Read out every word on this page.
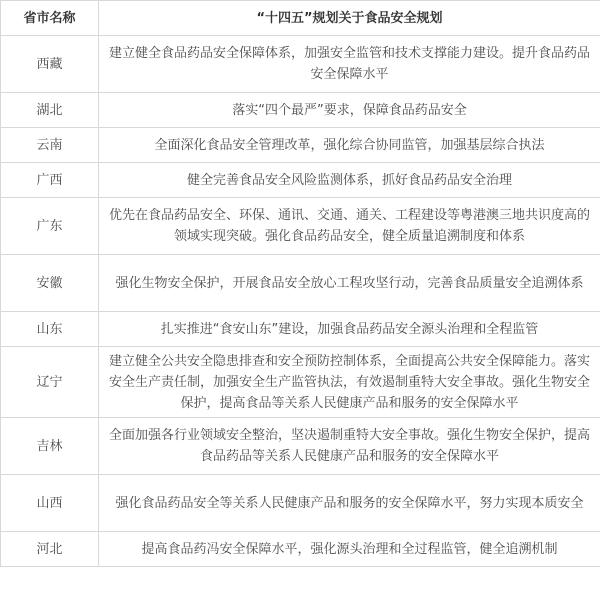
省市名称	“十四五”规划关于食品安全规划
西藏	建立健全食品药品安全保障体系，加强安全监管和技术支撑能力建设。提升食品药品安全保障水平
湖北	落实“四个最严”要求，保障食品药品安全
云南	全面深化食品安全管理改革，强化综合协同监管，加强基层综合执法
广西	健全完善食品安全风险监测体系，抓好食品药品安全治理
广东	优先在食品药品安全、环保、通讯、交通、通关、工程建设等粤港澳三地共识度高的领域实现突破。强化食品药品安全，健全质量追溯制度和体系
安徽	强化生物安全保护，开展食品安全放心工程攻坚行动，完善食品质量安全追溯体系
山东	扎实推进“食安山东”建设，加强食品药品安全源头治理和全程监管
辽宁	建立健全公共安全隐患排查和安全预防控制体系，全面提高公共安全保障能力。落实安全生产责任制，加强安全生产监管执法，有效遏制重特大安全事故。强化生物安全保护，提高食品等关系人民健康产品和服务的安全保障水平
吉林	全面加强各行业领域安全整治，坚决遏制重特大安全事故。强化生物安全保护，提高食品药品等关系人民健康产品和服务的安全保障水平
山西	强化食品药品安全等关系人民健康产品和服务的安全保障水平，努力实现本质安全
河北	提高食品药冯安全保障水平，强化源头治理和全过程监管，健全追溯机制
